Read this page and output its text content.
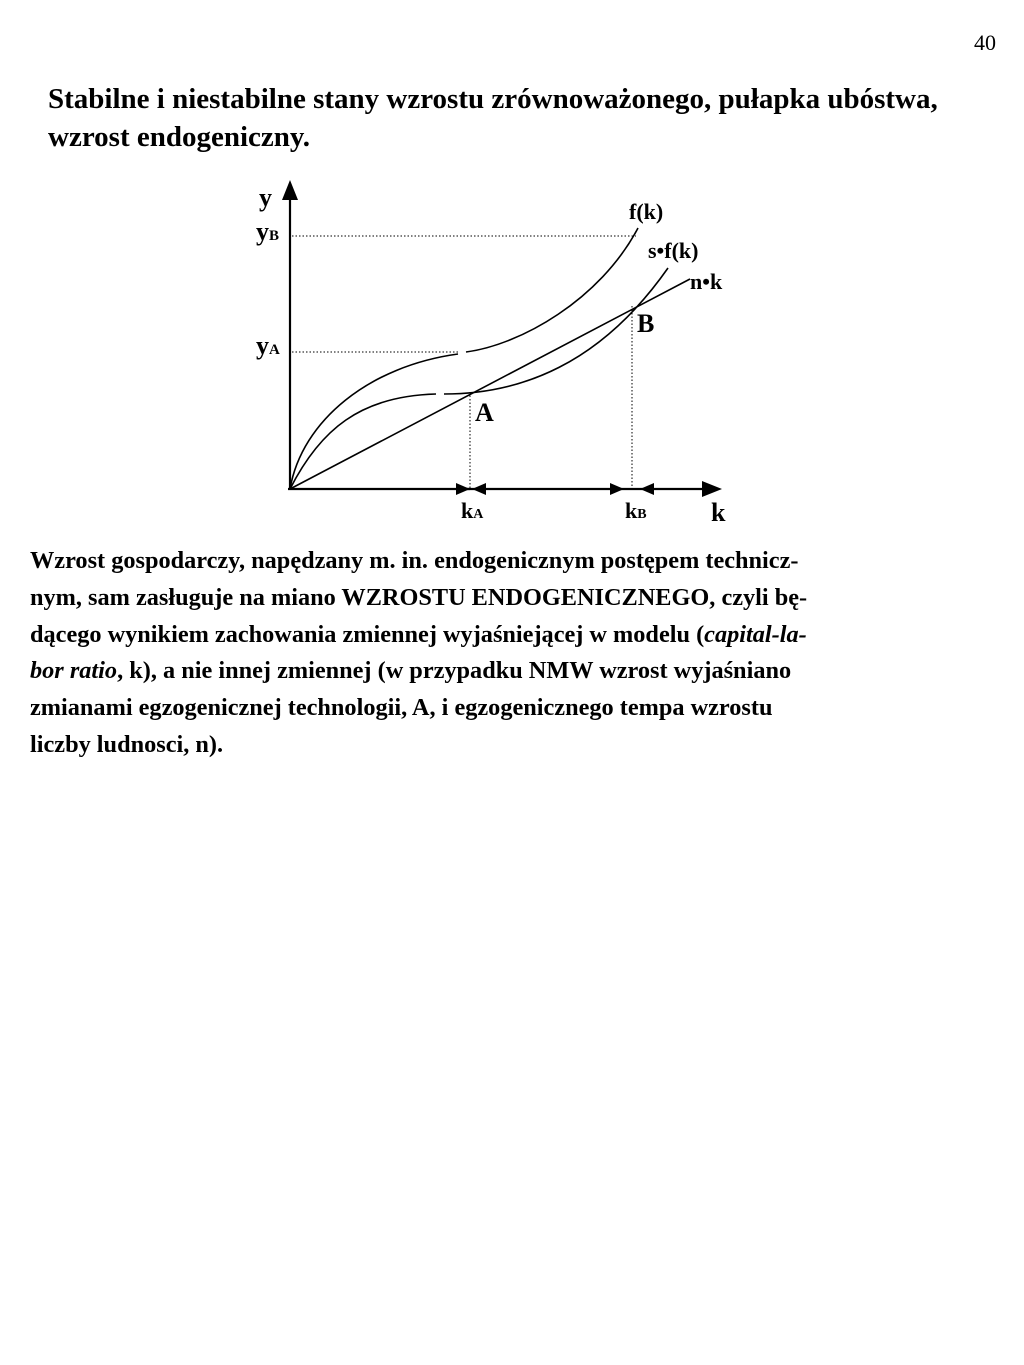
40
Stabilne i niestabilne stany wzrostu zrównoważonego, pułapka ubóstwa, wzrost endogeniczny.
y
k
yB
yA
kA	kB
f(k)
s•f(k)
n•k
A
B

Wzrost gospodarczy, napędzany m. in. endogenicznym postępem technicz-
nym, sam zasługuje na miano WZROSTU ENDOGENICZNEGO, czyli bę-
dącego wynikiem zachowania zmiennej wyjaśniejącej w modelu (capital-la-
bor ratio, k), a nie innej zmiennej (w przypadku NMW wzrost wyjaśniano
zmianami egzogenicznej technologii, A, i egzogenicznego tempa wzrostu
liczby ludnosci, n).
